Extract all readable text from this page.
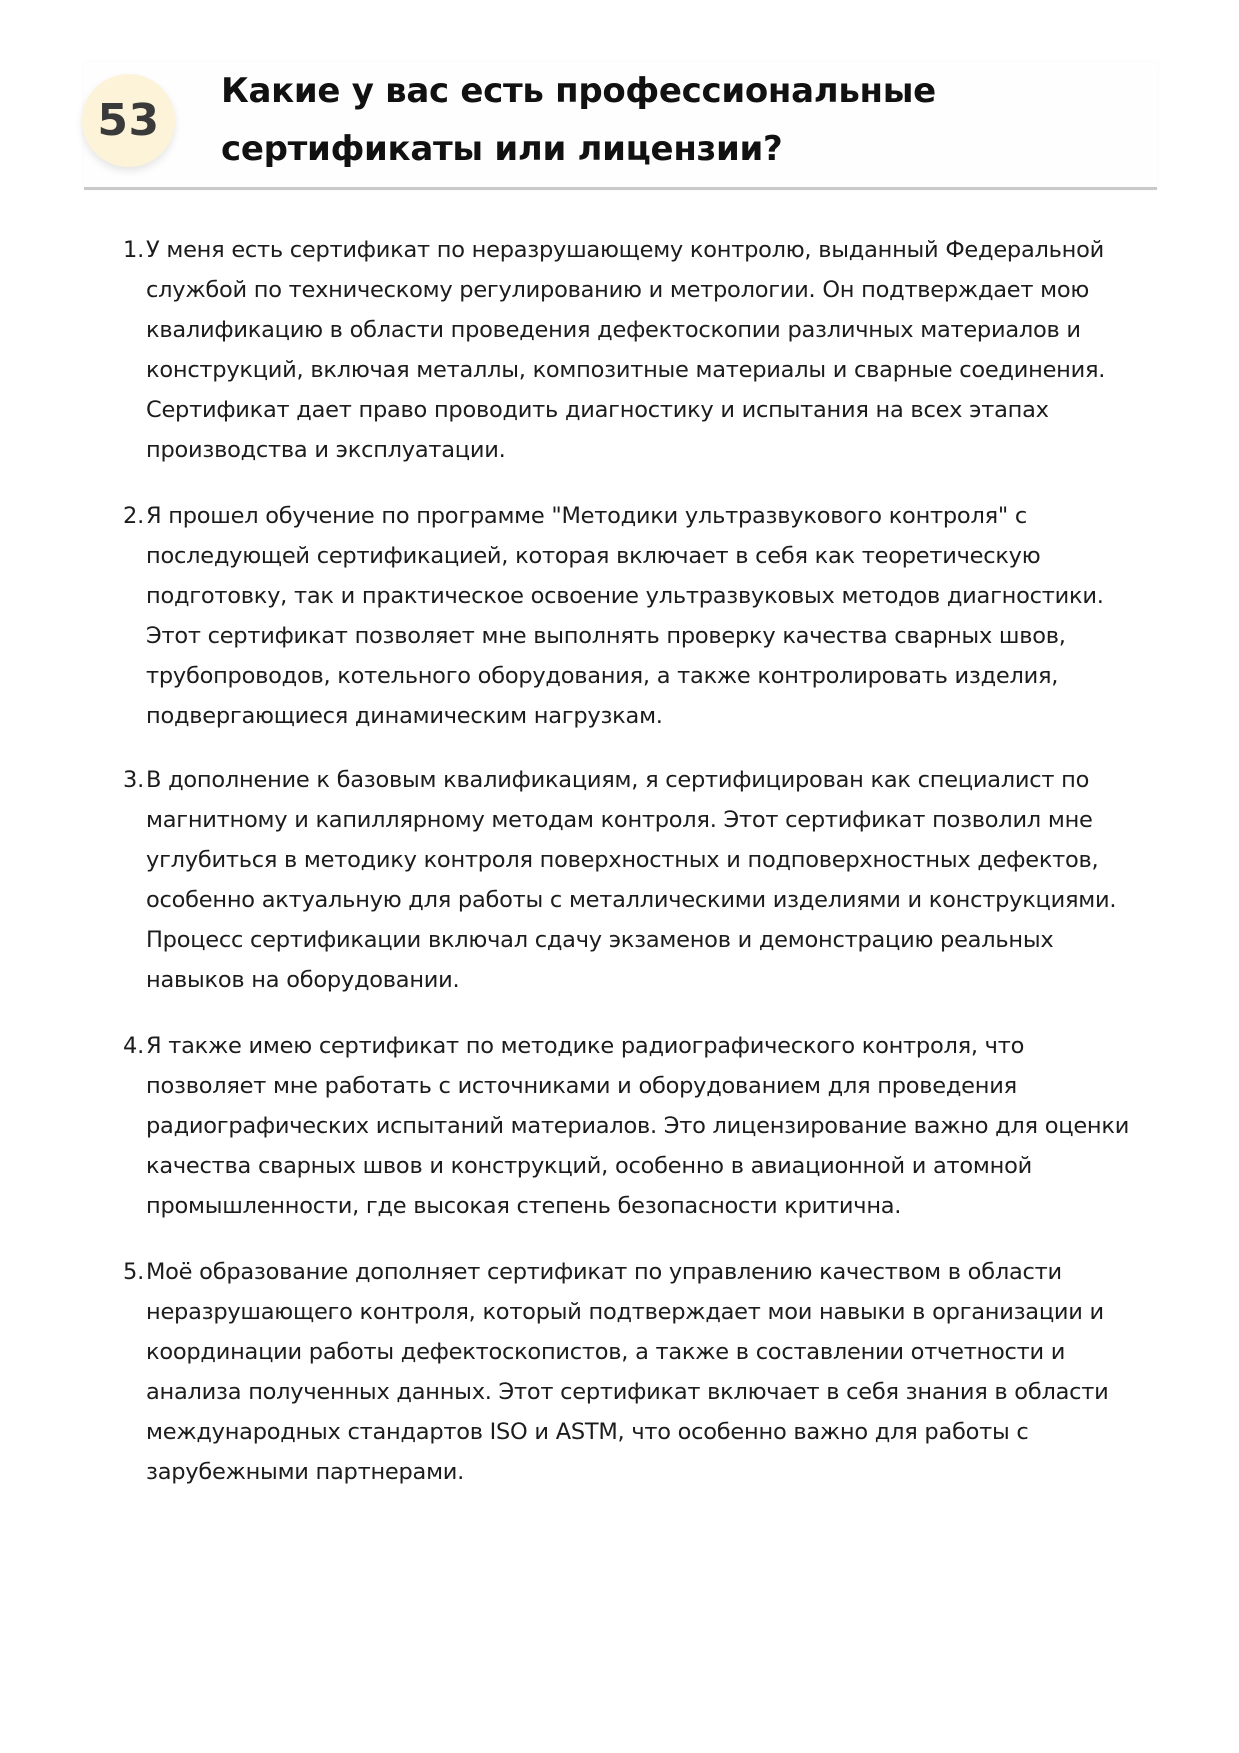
53
Какие у вас есть профессиональные сертификаты или лицензии?

1. У меня есть сертификат по неразрушающему контролю, выданный Федеральной службой по техническому регулированию и метрологии. Он подтверждает мою квалификацию в области проведения дефектоскопии различных материалов и конструкций, включая металлы, композитные материалы и сварные соединения. Сертификат дает право проводить диагностику и испытания на всех этапах производства и эксплуатации.

2. Я прошел обучение по программе "Методики ультразвукового контроля" с последующей сертификацией, которая включает в себя как теоретическую подготовку, так и практическое освоение ультразвуковых методов диагностики. Этот сертификат позволяет мне выполнять проверку качества сварных швов, трубопроводов, котельного оборудования, а также контролировать изделия, подвергающиеся динамическим нагрузкам.

3. В дополнение к базовым квалификациям, я сертифицирован как специалист по магнитному и капиллярному методам контроля. Этот сертификат позволил мне углубиться в методику контроля поверхностных и подповерхностных дефектов, особенно актуальную для работы с металлическими изделиями и конструкциями. Процесс сертификации включал сдачу экзаменов и демонстрацию реальных навыков на оборудовании.

4. Я также имею сертификат по методике радиографического контроля, что позволяет мне работать с источниками и оборудованием для проведения радиографических испытаний материалов. Это лицензирование важно для оценки качества сварных швов и конструкций, особенно в авиационной и атомной промышленности, где высокая степень безопасности критична.

5. Моё образование дополняет сертификат по управлению качеством в области неразрушающего контроля, который подтверждает мои навыки в организации и координации работы дефектоскопистов, а также в составлении отчетности и анализа полученных данных. Этот сертификат включает в себя знания в области международных стандартов ISO и ASTM, что особенно важно для работы с зарубежными партнерами.
